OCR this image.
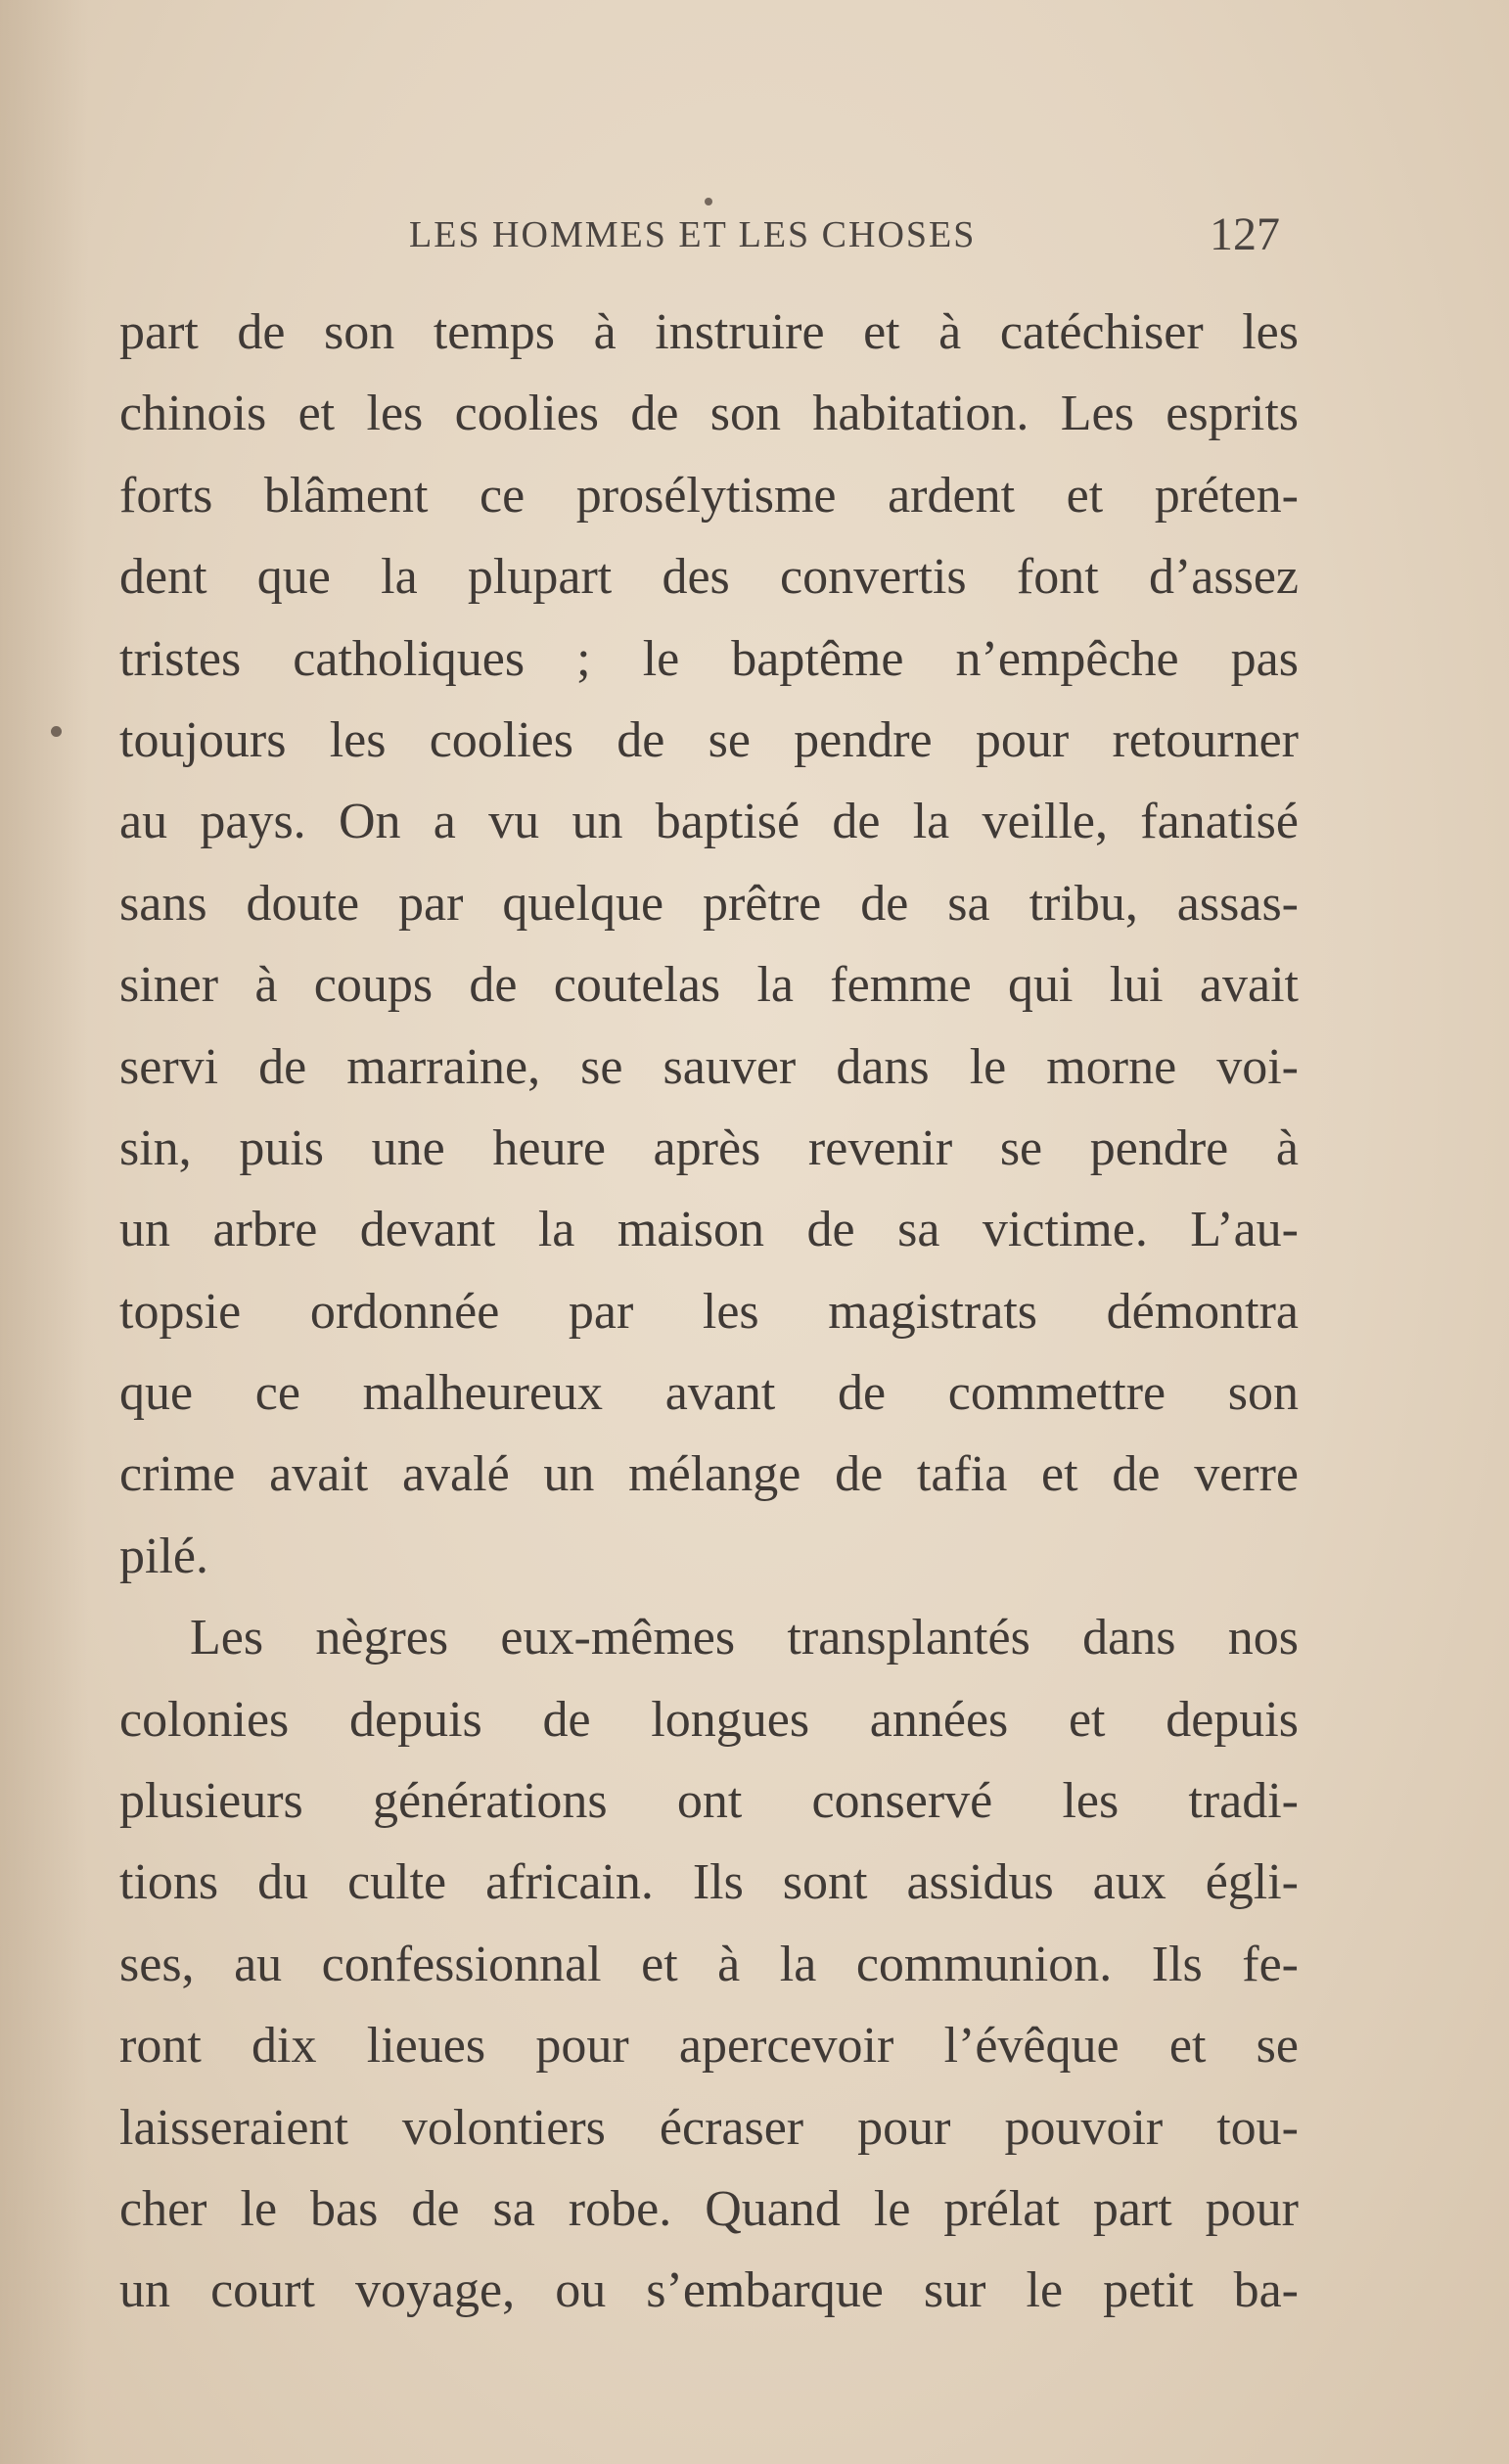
LES HOMMES ET LES CHOSES	127
part de son temps à instruire et à catéchiser les
chinois et les coolies de son habitation. Les esprits
forts blâment ce prosélytisme ardent et préten-
dent que la plupart des convertis font d’assez
tristes catholiques ; le baptême n’empêche pas
toujours les coolies de se pendre pour retourner
au pays. On a vu un baptisé de la veille, fanatisé
sans doute par quelque prêtre de sa tribu, assas-
siner à coups de coutelas la femme qui lui avait
servi de marraine, se sauver dans le morne voi-
sin, puis une heure après revenir se pendre à
un arbre devant la maison de sa victime. L’au-
topsie ordonnée par les magistrats démontra
que ce malheureux avant de commettre son
crime avait avalé un mélange de tafia et de verre
pilé.
Les nègres eux-mêmes transplantés dans nos
colonies depuis de longues années et depuis
plusieurs générations ont conservé les tradi-
tions du culte africain. Ils sont assidus aux égli-
ses, au confessionnal et à la communion. Ils fe-
ront dix lieues pour apercevoir l’évêque et se
laisseraient volontiers écraser pour pouvoir tou-
cher le bas de sa robe. Quand le prélat part pour
un court voyage, ou s’embarque sur le petit ba-
